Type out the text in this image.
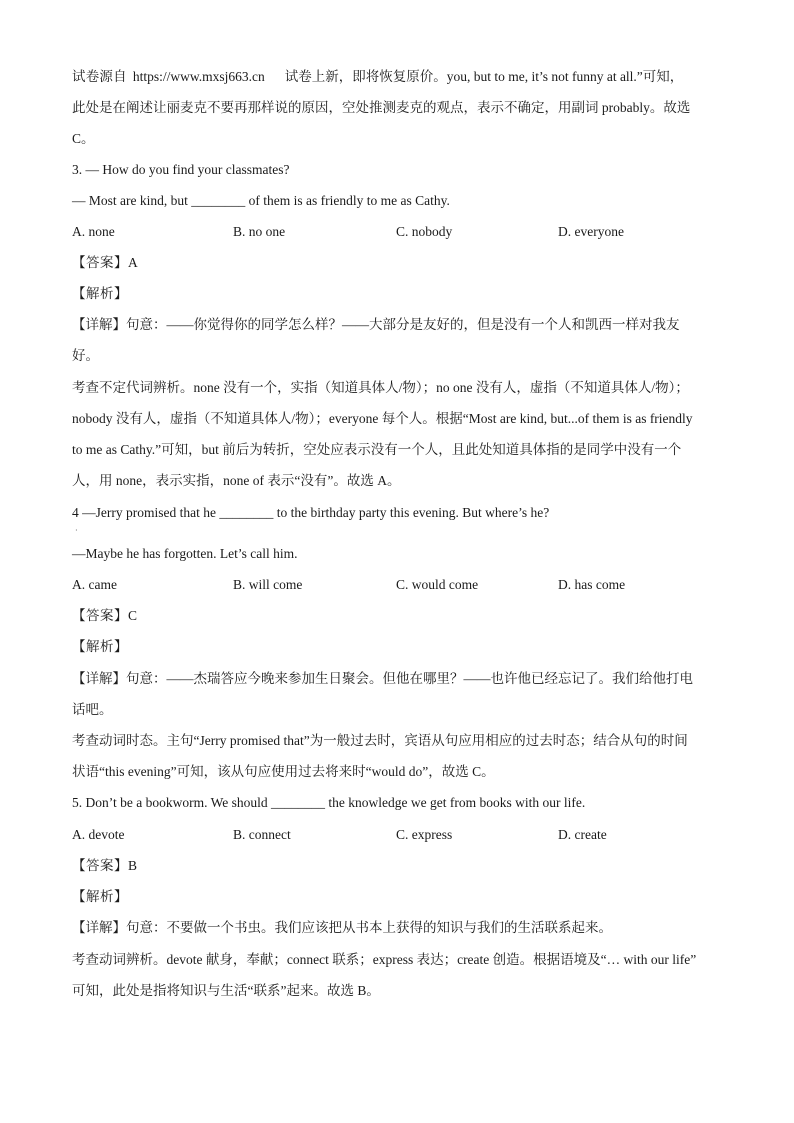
试卷源自 https://www.mxsj663.cn 试卷上新，即将恢复原价。you, but to me, it’s not funny at all.”可知，
此处是在阐述让丽麦克不要再那样说的原因，空处推测麦克的观点，表示不确定，用副词 probably。故选
C。
3. — How do you find your classmates?
— Most are kind, but ________ of them is as friendly to me as Cathy.
A. none	B. no one	C. nobody	D. everyone
【答案】A
【解析】
【详解】句意：——你觉得你的同学怎么样？——大部分是友好的，但是没有一个人和凯西一样对我友
好。
考查不定代词辨析。none 没有一个，实指（知道具体人/物）；no one 没有人，虚指（不知道具体人/物）；
nobody 没有人，虚指（不知道具体人/物）；everyone 每个人。根据“Most are kind, but...of them is as friendly
to me as Cathy.”可知，but 前后为转折，空处应表示没有一个人，且此处知道具体指的是同学中没有一个
人，用 none，表示实指，none of 表示“没有”。故选 A。
4 —Jerry promised that he ________ to the birthday party this evening. But where’s he?
·
—Maybe he has forgotten. Let’s call him.
A. came	B. will come	C. would come	D. has come
【答案】C
【解析】
【详解】句意：——杰瑞答应今晚来参加生日聚会。但他在哪里？——也许他已经忘记了。我们给他打电
话吧。
考查动词时态。主句“Jerry promised that”为一般过去时，宾语从句应用相应的过去时态；结合从句的时间
状语“this evening”可知，该从句应使用过去将来时“would do”，故选 C。
5. Don’t be a bookworm. We should ________ the knowledge we get from books with our life.
A. devote	B. connect	C. express	D. create
【答案】B
【解析】
【详解】句意：不要做一个书虫。我们应该把从书本上获得的知识与我们的生活联系起来。
考查动词辨析。devote 献身，奉献；connect 联系；express 表达；create 创造。根据语境及“… with our life”
可知，此处是指将知识与生活“联系”起来。故选 B。
